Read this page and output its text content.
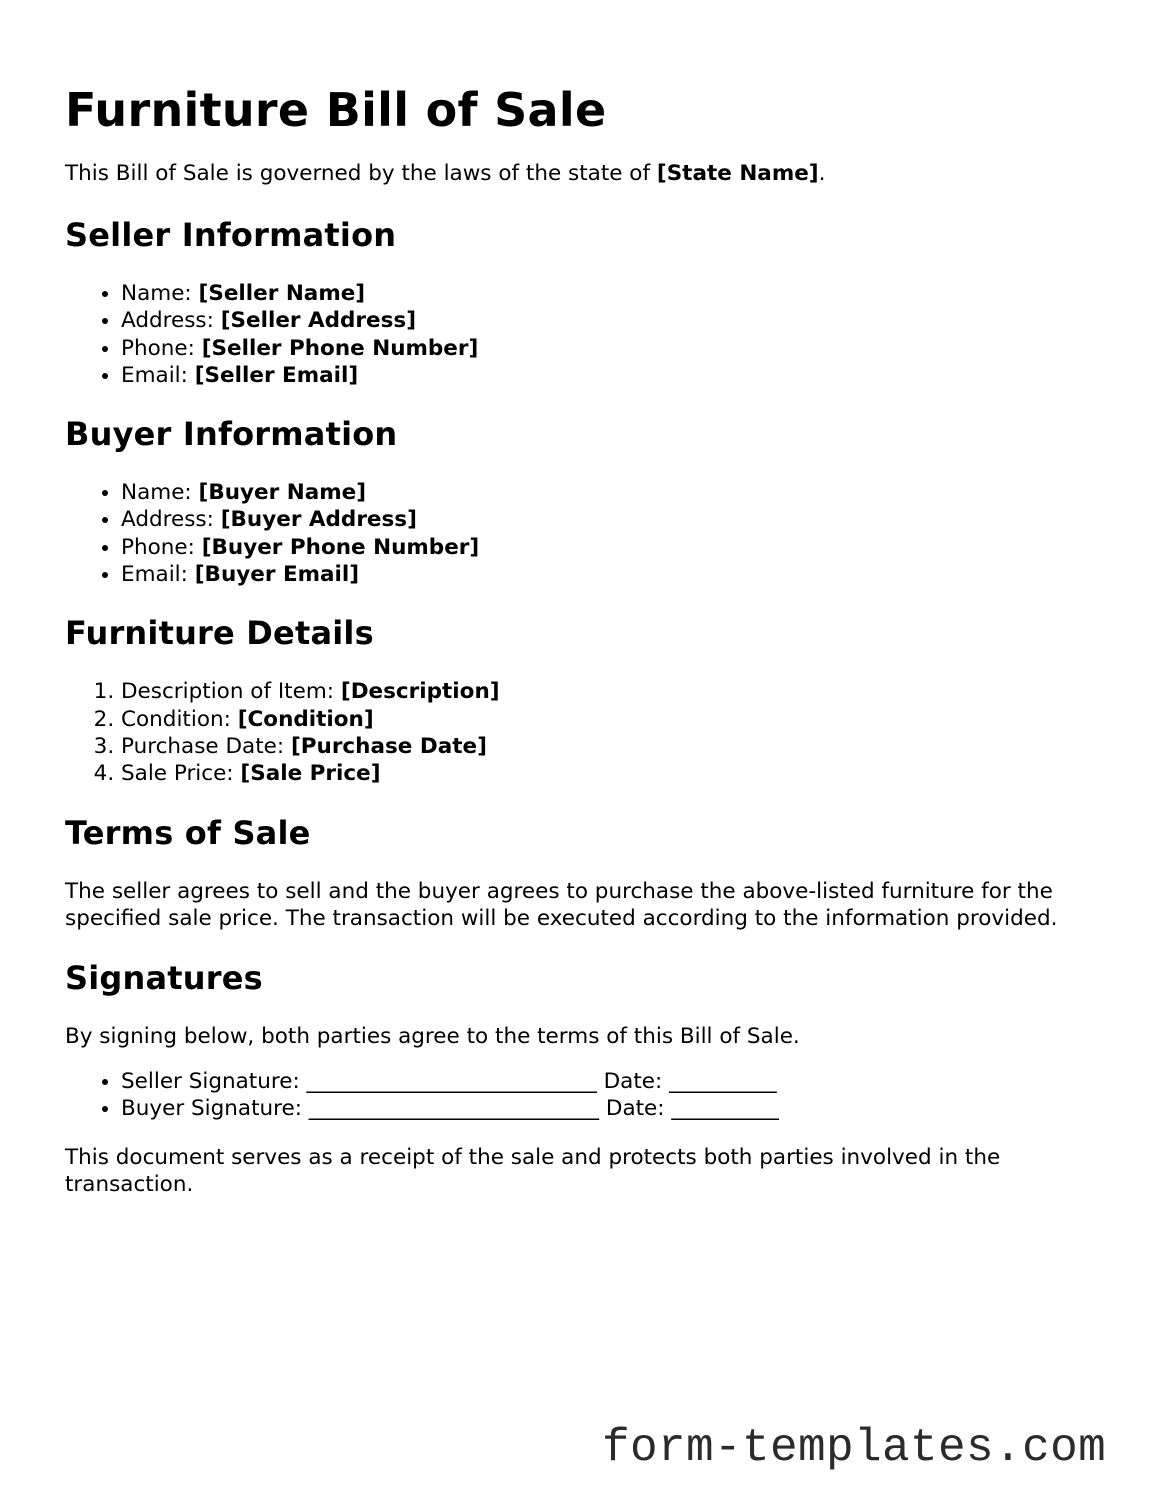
Furniture Bill of Sale

This Bill of Sale is governed by the laws of the state of [State Name].

Seller Information
• Name: [Seller Name]
• Address: [Seller Address]
• Phone: [Seller Phone Number]
• Email: [Seller Email]
Buyer Information
• Name: [Buyer Name]
• Address: [Buyer Address]
• Phone: [Buyer Phone Number]
• Email: [Buyer Email]
Furniture Details
1. Description of Item: [Description]
2. Condition: [Condition]
3. Purchase Date: [Purchase Date]
4. Sale Price: [Sale Price]
Terms of Sale

The seller agrees to sell and the buyer agrees to purchase the above-listed furniture for the specified sale price. The transaction will be executed according to the information provided.

Signatures

By signing below, both parties agree to the terms of this Bill of Sale.

• Seller Signature: ___________________________ Date: __________
• Buyer Signature: ___________________________ Date: __________

This document serves as a receipt of the sale and protects both parties involved in the transaction.

form-templates.com
